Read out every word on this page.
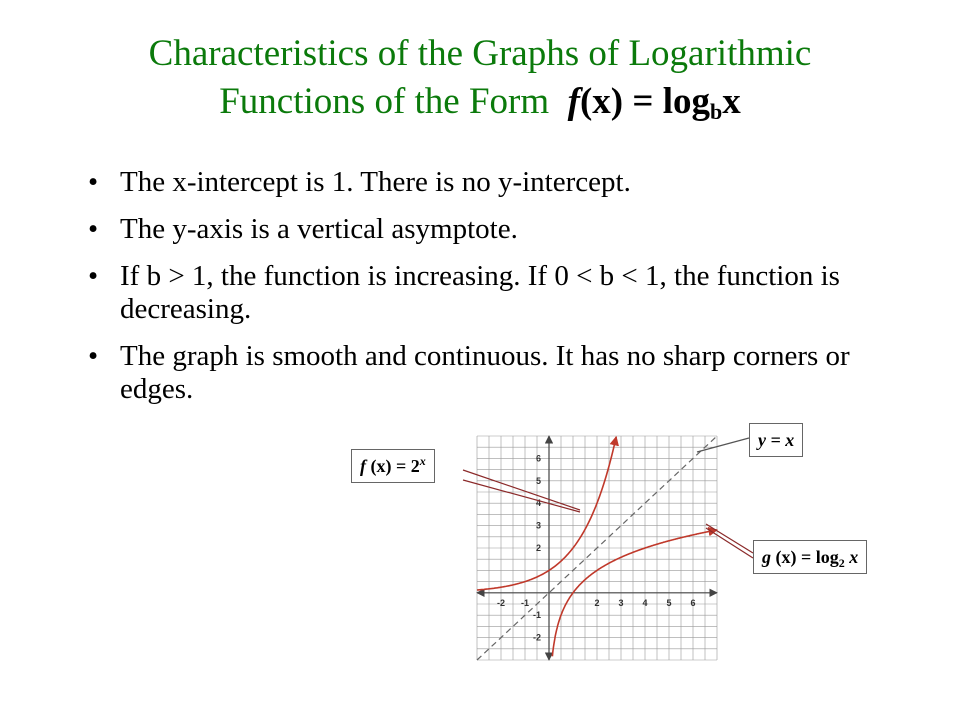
Characteristics of the Graphs of Logarithmic
Functions of the Form $f(x) = \log_bx$
• The x-intercept is 1. There is no y-intercept.
• The y-axis is a vertical asymptote.
• If b > 1, the function is increasing. If 0 < b < 1, the function is decreasing.
• The graph is smooth and continuous. It has no sharp corners or edges.
-2 -1	2 3 4 5 6
6
5
4
3
2
-1
-2
f $(x) = 2^x$
y = x
g $(x) = \log_2 x$
